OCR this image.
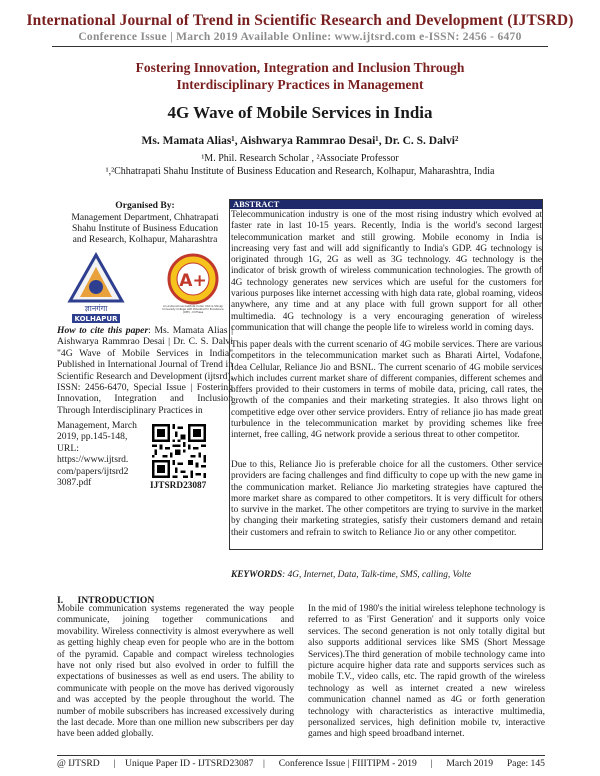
International Journal of Trend in Scientific Research and Development (IJTSRD)
Conference Issue | March 2019 Available Online: www.ijtsrd.com e-ISSN: 2456 - 6470
Fostering Innovation, Integration and Inclusion Through
Interdisciplinary Practices in Management
4G Wave of Mobile Services in India
Ms. Mamata Alias¹, Aishwarya Rammrao Desai¹, Dr. C. S. Dalvi²
¹M. Phil. Research Scholar , ²Associate Professor
¹,²Chhatrapati Shahu Institute of Business Education and Research, Kolhapur, Maharashtra, India
Organised By:
Management Department, Chhatrapati
Shahu Institute of Business Education
and Research, Kolhapur, Maharashtra
ज्ञानगंगा
KOLHAPUR
A+
An Autonomous Institute Under UGC & Shivaji University College with Potential for Excellence (CPE) - III Phase
How to cite this paper: Ms. Mamata Alias | Aishwarya Rammrao Desai | Dr. C. S. Dalvi "4G Wave of Mobile Services in India" Published in International Journal of Trend in Scientific Research and Development (ijtsrd), ISSN: 2456-6470, Special Issue | Fostering Innovation, Integration and Inclusion Through Interdisciplinary Practices in
Management, March
2019, pp.145-148,
URL:
https://www.ijtsrd.
com/papers/ijtsrd2
3087.pdf	IJTSRD23087
ABSTRACT
Telecommunication industry is one of the most rising industry which evolved at faster rate in last 10-15 years. Recently, India is the world's second largest telecommunication market and still growing. Mobile economy in India is increasing very fast and will add significantly to India's GDP. 4G technology is originated through 1G, 2G as well as 3G technology. 4G technology is the indicator of brisk growth of wireless communication technologies. The growth of 4G technology generates new services which are useful for the customers for various purposes like internet accessing with high data rate, global roaming, videos anywhere, any time and at any place with full grown support for all other multimedia. 4G technology is a very encouraging generation of wireless communication that will change the people life to wireless world in coming days.
This paper deals with the current scenario of 4G mobile services. There are various competitors in the telecommunication market such as Bharati Airtel, Vodafone, Idea Cellular, Reliance Jio and BSNL. The current scenario of 4G mobile services which includes current market share of different companies, different schemes and offers provided to their customers in terms of mobile data, pricing, call rates, the growth of the companies and their marketing strategies. It also throws light on competitive edge over other service providers. Entry of reliance jio has made great turbulence in the telecommunication market by providing schemes like free internet, free calling, 4G network provide a serious threat to other competitor.
Due to this, Reliance Jio is preferable choice for all the customers. Other service providers are facing challenges and find difficulty to cope up with the new game in the communication market. Reliance Jio marketing strategies have captured the more market share as compared to other competitors. It is very difficult for others to survive in the market. The other competitors are trying to survive in the market by changing their marketing strategies, satisfy their customers demand and retain their customers and refrain to switch to Reliance Jio or any other competitor.
KEYWORDS: 4G, Internet, Data, Talk-time, SMS, calling, Volte
I.      INTRODUCTION
Mobile communication systems regenerated the way people communicate, joining together communications and movability. Wireless connectivity is almost everywhere as well as getting highly cheap even for people who are in the bottom of the pyramid. Capable and compact wireless technologies have not only rised but also evolved in order to fulfill the expectations of businesses as well as end users. The ability to communicate with people on the move has derived vigorously and was accepted by the people throughout the world. The number of mobile subscribers has increased excessively during the last decade. More than one million new subscribers per day have been added globally.
In the mid of 1980's the initial wireless telephone technology is referred to as 'First Generation' and it supports only voice services. The second generation is not only totally digital but also supports additional services like SMS (Short Message Services).The third generation of mobile technology came into picture acquire higher data rate and supports services such as mobile T.V., video calls, etc. The rapid growth of the wireless technology as well as internet created a new wireless communication channel named as 4G or forth generation technology with characteristics as interactive multimedia, personalized services, high definition mobile tv, interactive games and high speed broadband internet.
@ IJTSRD |    Unique Paper ID - IJTSRD23087    | Conference Issue | FIIITIPM - 2019 | March 2019 Page: 145
